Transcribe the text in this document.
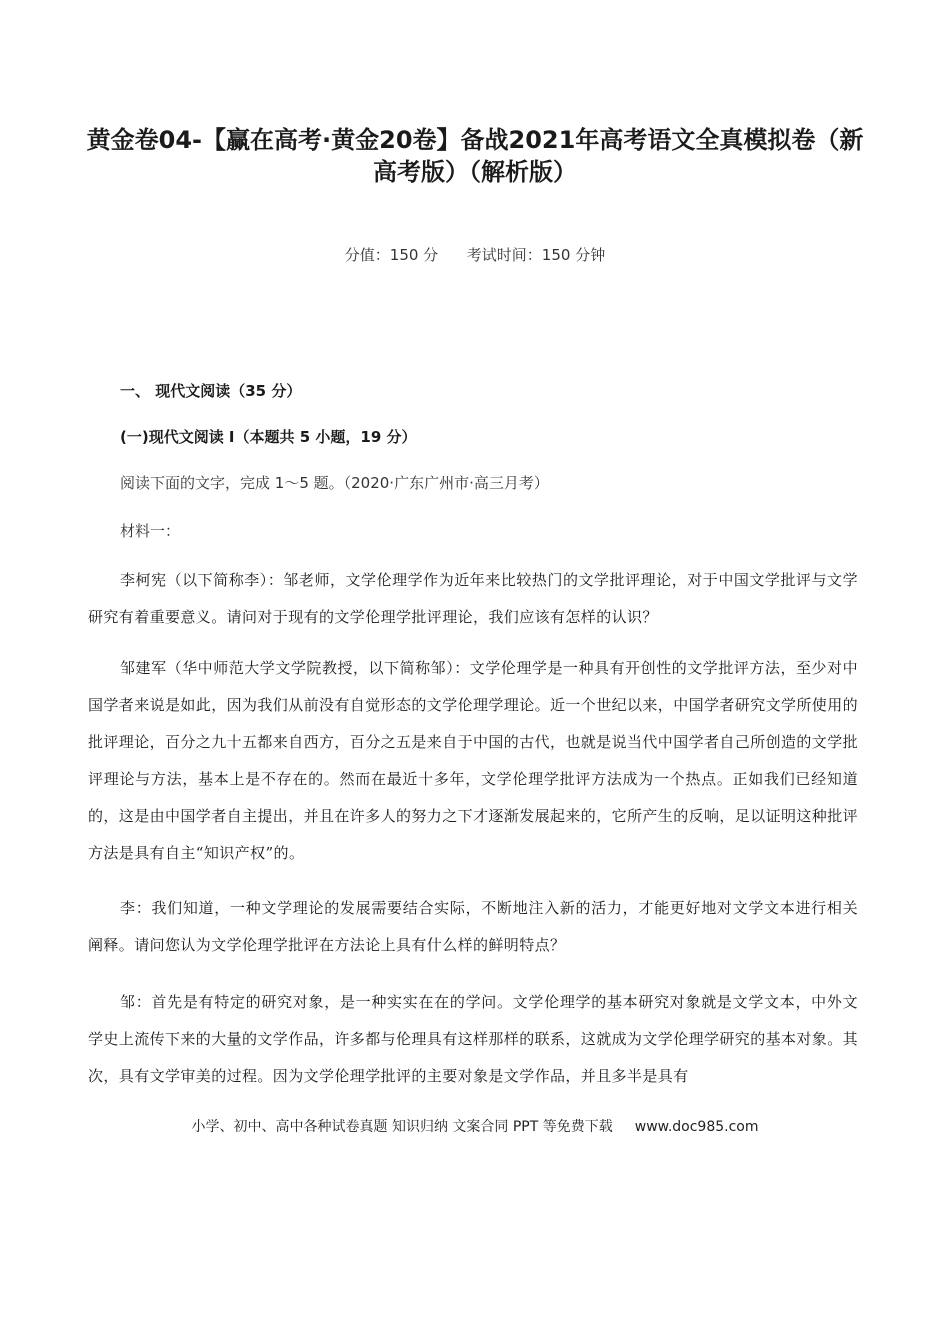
黄金卷04-【赢在高考·黄金20卷】备战2021年高考语文全真模拟卷（新
高考版）（解析版）
分值：150 分 考试时间：150 分钟
一、 现代文阅读（35 分）
(一)现代文阅读 I（本题共 5 小题，19 分）
阅读下面的文字，完成 1～5 题。（2020·广东广州市·高三月考）
材料一：
李柯宪（以下简称李）：邹老师，文学伦理学作为近年来比较热门的文学批评理论，对于中国文学批评与文学研究有着重要意义。请问对于现有的文学伦理学批评理论，我们应该有怎样的认识？
邹建军（华中师范大学文学院教授，以下简称邹）：文学伦理学是一种具有开创性的文学批评方法，至少对中国学者来说是如此，因为我们从前没有自觉形态的文学伦理学理论。近一个世纪以来，中国学者研究文学所使用的批评理论，百分之九十五都来自西方，百分之五是来自于中国的古代，也就是说当代中国学者自己所创造的文学批评理论与方法，基本上是不存在的。然而在最近十多年，文学伦理学批评方法成为一个热点。正如我们已经知道的，这是由中国学者自主提出，并且在许多人的努力之下才逐渐发展起来的，它所产生的反响，足以证明这种批评方法是具有自主“知识产权”的。
李：我们知道，一种文学理论的发展需要结合实际，不断地注入新的活力，才能更好地对文学文本进行相关阐释。请问您认为文学伦理学批评在方法论上具有什么样的鲜明特点？
邹：首先是有特定的研究对象，是一种实实在在的学问。文学伦理学的基本研究对象就是文学文本，中外文学史上流传下来的大量的文学作品，许多都与伦理具有这样那样的联系，这就成为文学伦理学研究的基本对象。其次，具有文学审美的过程。因为文学伦理学批评的主要对象是文学作品，并且多半是具有
小学、初中、高中各种试卷真题 知识归纳 文案合同 PPT 等免费下载 www.doc985.com
